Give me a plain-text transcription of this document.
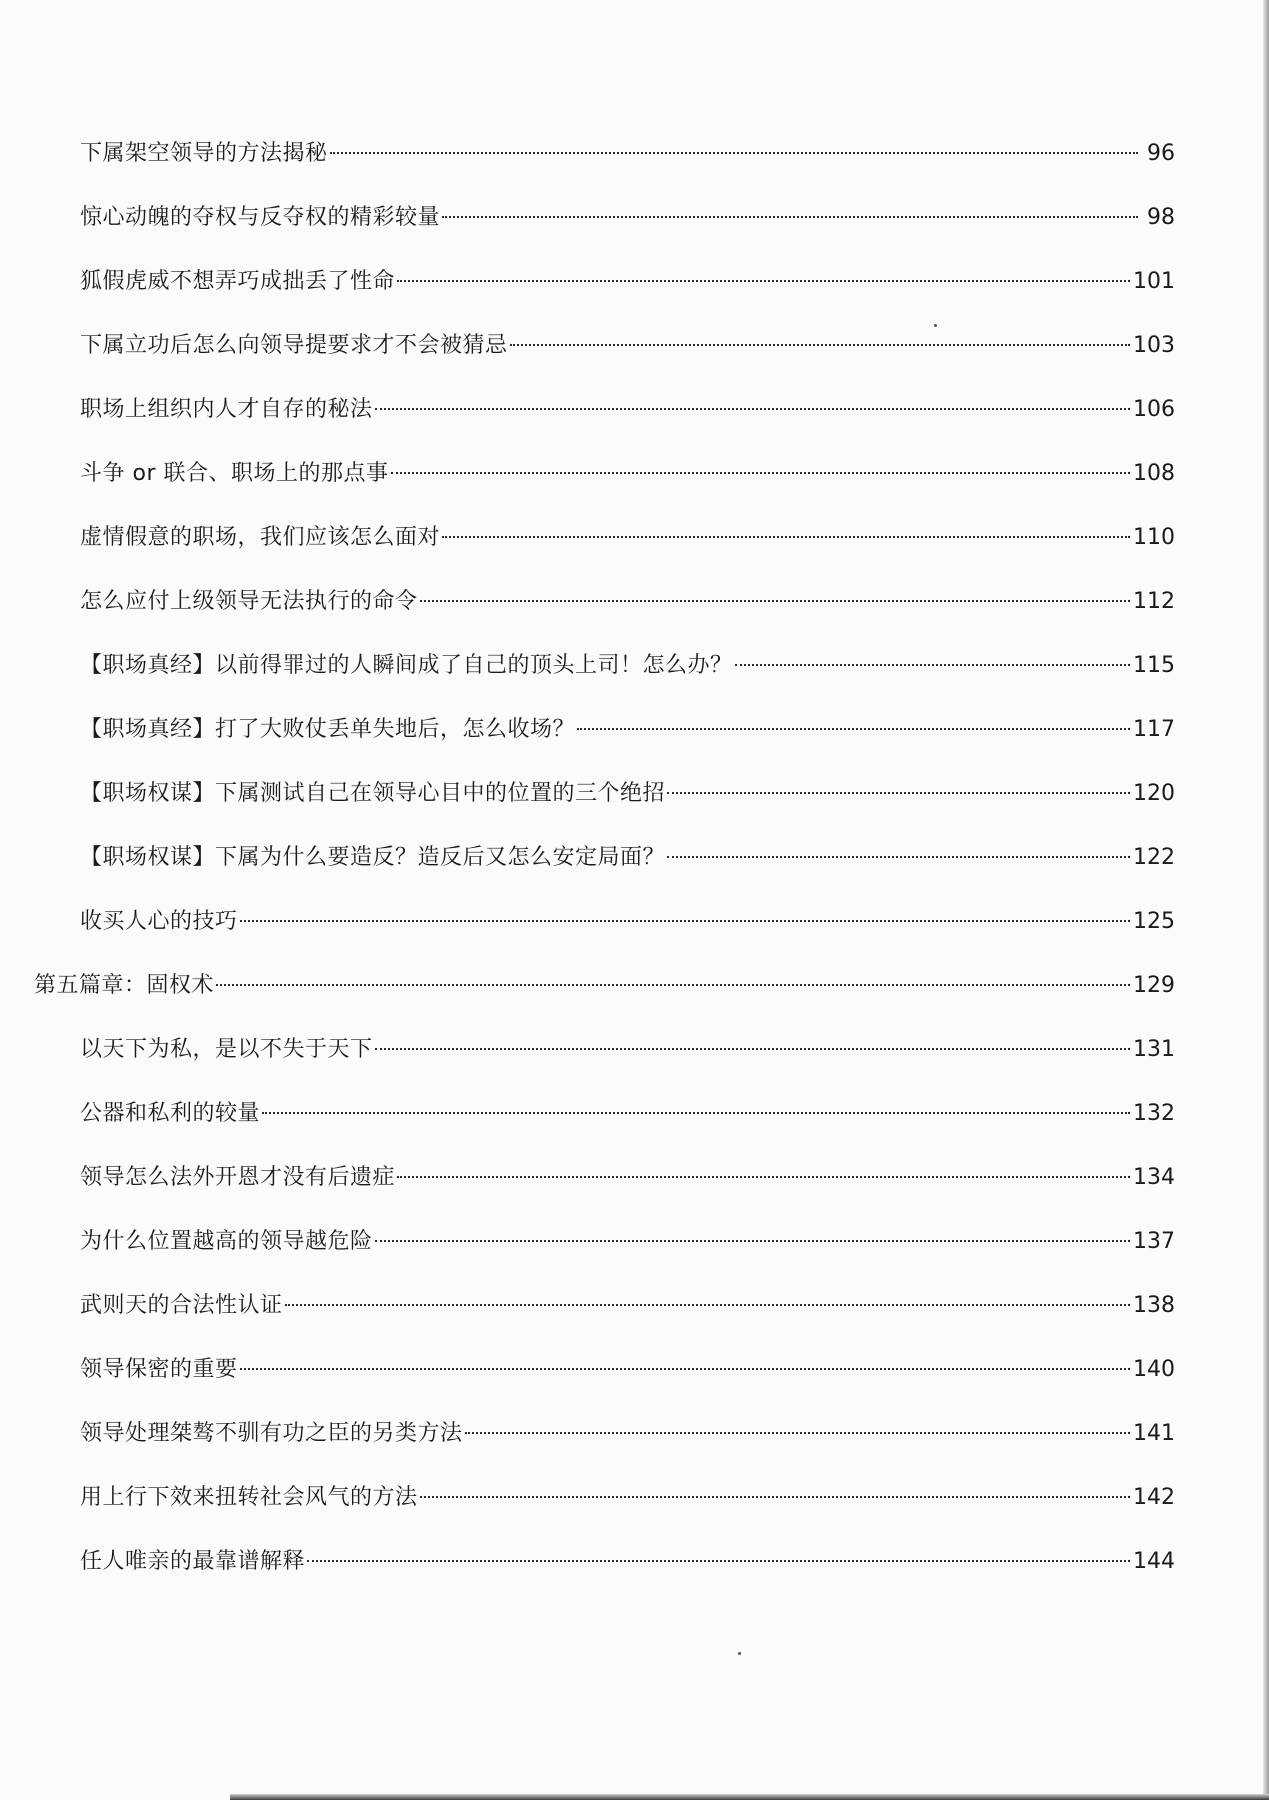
下属架空领导的方法揭秘	96
惊心动魄的夺权与反夺权的精彩较量	98
狐假虎威不想弄巧成拙丢了性命	101
下属立功后怎么向领导提要求才不会被猜忌	103
职场上组织内人才自存的秘法	106
斗争 or 联合、职场上的那点事	108
虚情假意的职场，我们应该怎么面对	110
怎么应付上级领导无法执行的命令	112
【职场真经】以前得罪过的人瞬间成了自己的顶头上司！怎么办？	115
【职场真经】打了大败仗丢单失地后，怎么收场？	117
【职场权谋】下属测试自己在领导心目中的位置的三个绝招	120
【职场权谋】下属为什么要造反？造反后又怎么安定局面？	122
收买人心的技巧	125
第五篇章：固权术	129
以天下为私，是以不失于天下	131
公器和私利的较量	132
领导怎么法外开恩才没有后遗症	134
为什么位置越高的领导越危险	137
武则天的合法性认证	138
领导保密的重要	140
领导处理桀骜不驯有功之臣的另类方法	141
用上行下效来扭转社会风气的方法	142
任人唯亲的最靠谱解释	144
